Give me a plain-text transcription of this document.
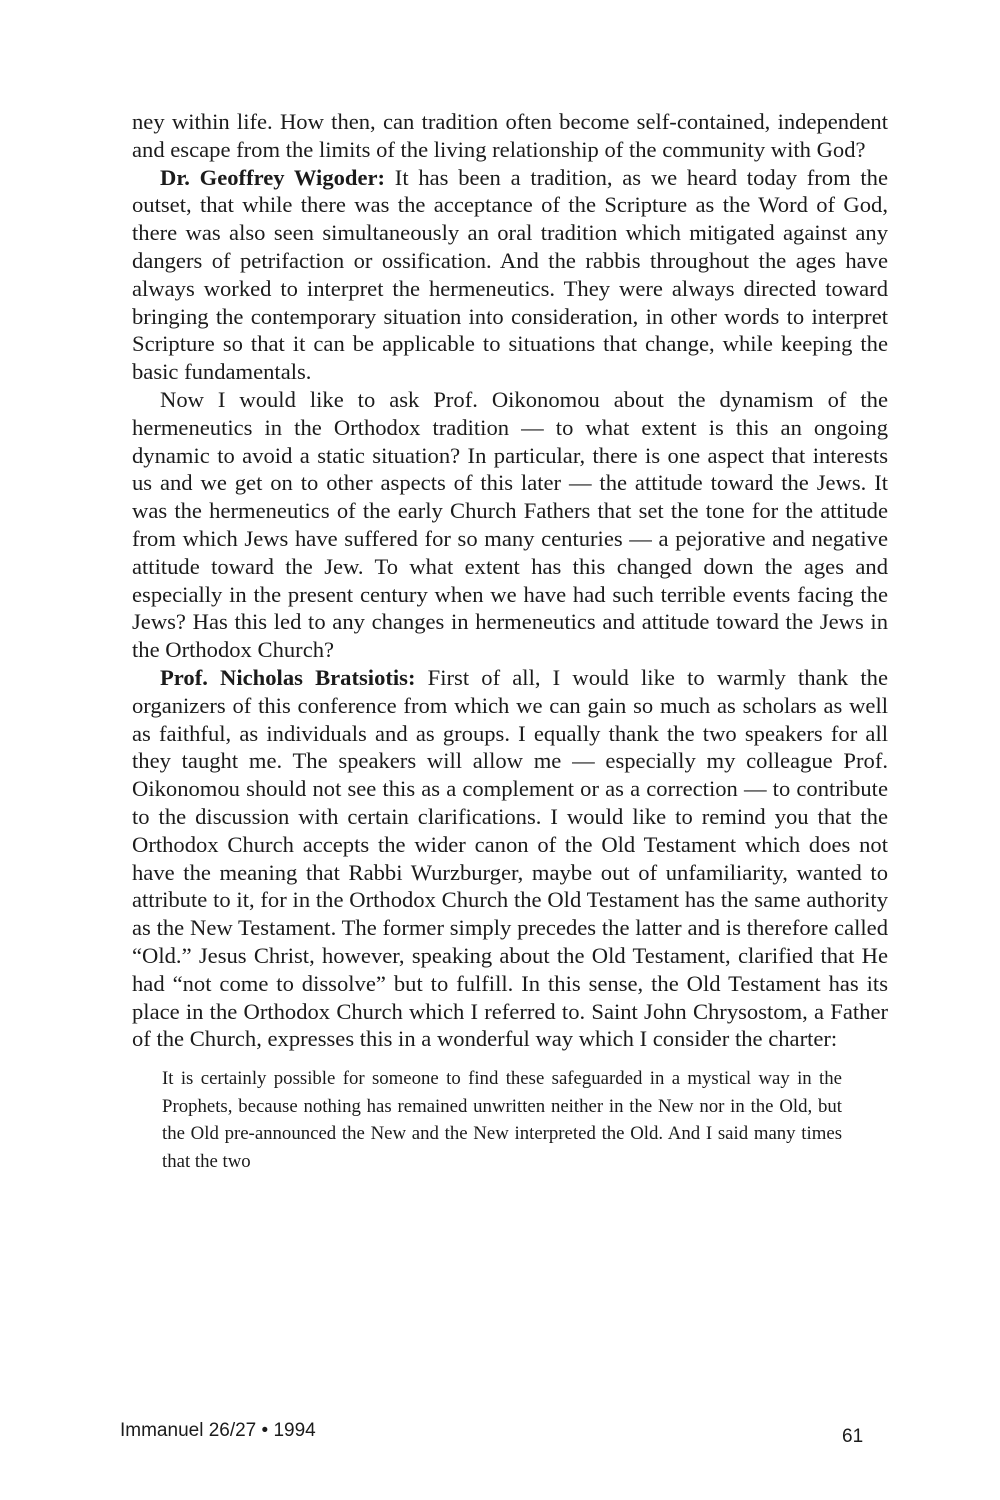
ney within life. How then, can tradition often become self-contained, independent and escape from the limits of the living relationship of the community with God?

Dr. Geoffrey Wigoder: It has been a tradition, as we heard today from the outset, that while there was the acceptance of the Scripture as the Word of God, there was also seen simultaneously an oral tradition which mitigated against any dangers of petrifaction or ossification. And the rabbis throughout the ages have always worked to interpret the hermeneutics. They were always directed toward bringing the contemporary situation into consideration, in other words to interpret Scripture so that it can be applicable to situations that change, while keeping the basic fundamentals.

Now I would like to ask Prof. Oikonomou about the dynamism of the hermeneutics in the Orthodox tradition — to what extent is this an ongoing dynamic to avoid a static situation? In particular, there is one aspect that interests us and we get on to other aspects of this later — the attitude toward the Jews. It was the hermeneutics of the early Church Fathers that set the tone for the attitude from which Jews have suffered for so many centuries — a pejorative and negative attitude toward the Jew. To what extent has this changed down the ages and especially in the present century when we have had such terrible events facing the Jews? Has this led to any changes in hermeneutics and attitude toward the Jews in the Orthodox Church?

Prof. Nicholas Bratsiotis: First of all, I would like to warmly thank the organizers of this conference from which we can gain so much as scholars as well as faithful, as individuals and as groups. I equally thank the two speakers for all they taught me. The speakers will allow me — especially my colleague Prof. Oikonomou should not see this as a complement or as a correction — to contribute to the discussion with certain clarifications. I would like to remind you that the Orthodox Church accepts the wider canon of the Old Testament which does not have the meaning that Rabbi Wurzburger, maybe out of unfamiliarity, wanted to attribute to it, for in the Orthodox Church the Old Testament has the same authority as the New Testament. The former simply precedes the latter and is therefore called “Old.” Jesus Christ, however, speaking about the Old Testament, clarified that He had “not come to dissolve” but to fulfill. In this sense, the Old Testament has its place in the Orthodox Church which I referred to. Saint John Chrysostom, a Father of the Church, expresses this in a wonderful way which I consider the charter:

It is certainly possible for someone to find these safeguarded in a mystical way in the Prophets, because nothing has remained unwritten neither in the New nor in the Old, but the Old pre-announced the New and the New interpreted the Old. And I said many times that the two

Immanuel 26/27 • 1994	61
